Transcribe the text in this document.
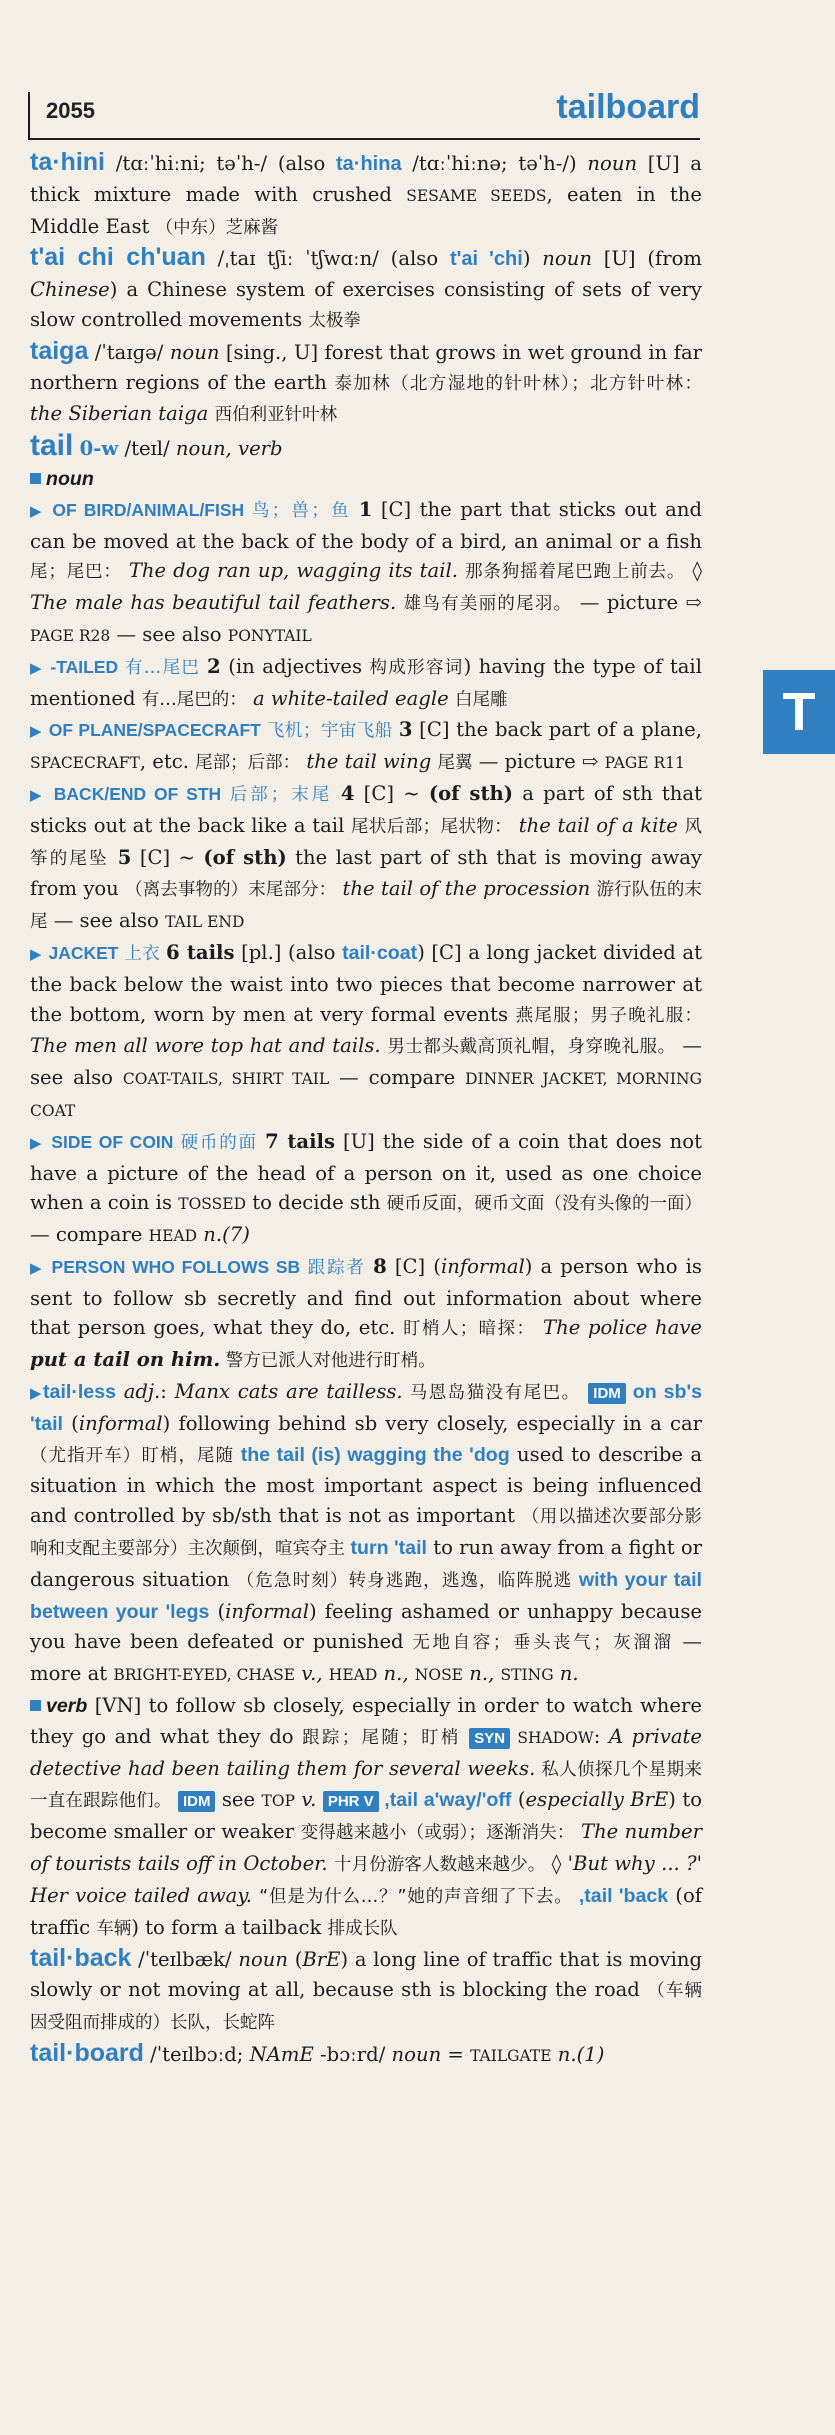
2055	tailboard
T

ta·hini /tɑːˈhiːni; təˈh-/ (also ta·hina /tɑːˈhiːnə; təˈh-/) noun [U] a thick mixture made with crushed SESAME SEEDS, eaten in the Middle East （中东）芝麻酱

t'ai chi ch'uan /ˌtaɪ tʃiː ˈtʃwɑːn/ (also t'ai 'chi) noun [U] (from Chinese) a Chinese system of exercises consisting of sets of very slow controlled movements 太极拳

taiga /ˈtaɪɡə/ noun [sing., U] forest that grows in wet ground in far northern regions of the earth 泰加林（北方湿地的针叶林）；北方针叶林： the Siberian taiga 西伯利亚针叶林

tail 0-w /teɪl/ noun, verb

noun

▶ OF BIRD/ANIMAL/FISH 鸟；兽；鱼 1 [C] the part that sticks out and can be moved at the back of the body of a bird, an animal or a fish 尾；尾巴： The dog ran up, wagging its tail. 那条狗摇着尾巴跑上前去。 ◊ The male has beautiful tail feathers. 雄鸟有美丽的尾羽。 — picture ⇨ PAGE R28 — see also PONYTAIL

▶ -TAILED 有…尾巴 2 (in adjectives 构成形容词) having the type of tail mentioned 有…尾巴的： a white-tailed eagle 白尾雕

▶ OF PLANE/SPACECRAFT 飞机；宇宙飞船 3 [C] the back part of a plane, SPACECRAFT, etc. 尾部；后部： the tail wing 尾翼 — picture ⇨ PAGE R11

▶ BACK/END OF STH 后部；末尾 4 [C] ~ (of sth) a part of sth that sticks out at the back like a tail 尾状后部；尾状物： the tail of a kite 风筝的尾坠 5 [C] ~ (of sth) the last part of sth that is moving away from you （离去事物的）末尾部分： the tail of the procession 游行队伍的末尾 — see also TAIL END

▶ JACKET 上衣 6 tails [pl.] (also tail·coat) [C] a long jacket divided at the back below the waist into two pieces that become narrower at the bottom, worn by men at very formal events 燕尾服；男子晚礼服： The men all wore top hat and tails. 男士都头戴高顶礼帽，身穿晚礼服。 — see also COAT-TAILS, SHIRT TAIL — compare DINNER JACKET, MORNING COAT

▶ SIDE OF COIN 硬币的面 7 tails [U] the side of a coin that does not have a picture of the head of a person on it, used as one choice when a coin is TOSSED to decide sth 硬币反面，硬币文面（没有头像的一面） — compare HEAD n.(7)

▶ PERSON WHO FOLLOWS SB 跟踪者 8 [C] (informal) a person who is sent to follow sb secretly and find out information about where that person goes, what they do, etc. 盯梢人；暗探： The police have put a tail on him. 警方已派人对他进行盯梢。

▶tail·less adj.: Manx cats are tailless. 马恩岛猫没有尾巴。 IDM on sb's 'tail (informal) following behind sb very closely, especially in a car （尤指开车）盯梢，尾随 the tail (is) wagging the 'dog used to describe a situation in which the most important aspect is being influenced and controlled by sb/sth that is not as important （用以描述次要部分影响和支配主要部分）主次颠倒，喧宾夺主 turn 'tail to run away from a fight or dangerous situation （危急时刻）转身逃跑，逃逸，临阵脱逃 with your tail between your 'legs (informal) feeling ashamed or unhappy because you have been defeated or punished 无地自容；垂头丧气；灰溜溜 — more at BRIGHT-EYED, CHASE v., HEAD n., NOSE n., STING n.

verb [VN] to follow sb closely, especially in order to watch where they go and what they do 跟踪；尾随；盯梢 SYN SHADOW: A private detective had been tailing them for several weeks. 私人侦探几个星期来一直在跟踪他们。 IDM see TOP v. PHR V ,tail a'way/'off (especially BrE) to become smaller or weaker 变得越来越小（或弱）；逐渐消失： The number of tourists tails off in October. 十月份游客人数越来越少。 ◊ 'But why ... ?' Her voice tailed away. “但是为什么…？”她的声音细了下去。 ,tail 'back (of traffic 车辆) to form a tailback 排成长队

tail·back /ˈteɪlbæk/ noun (BrE) a long line of traffic that is moving slowly or not moving at all, because sth is blocking the road （车辆因受阻而排成的）长队，长蛇阵

tail·board /ˈteɪlbɔːd; NAmE -bɔːrd/ noun = TAILGATE n.(1)
